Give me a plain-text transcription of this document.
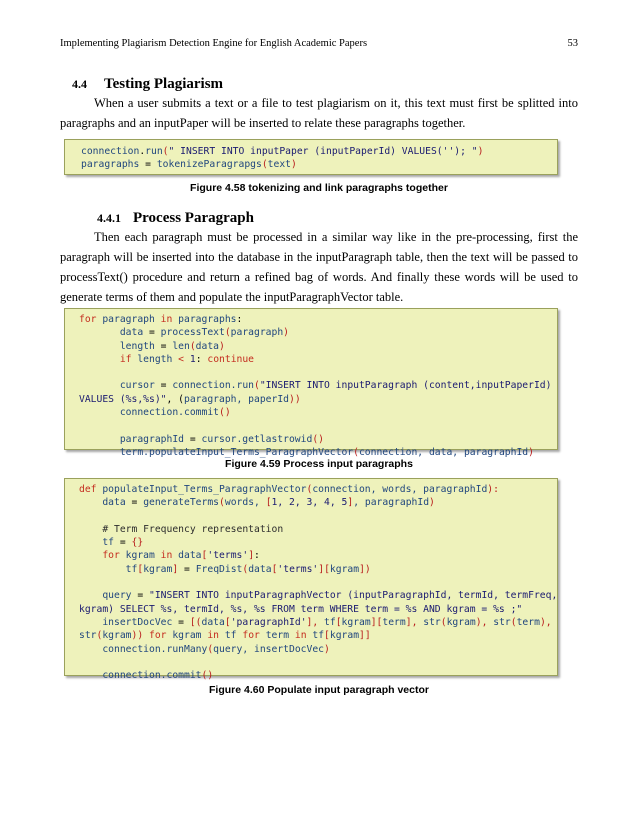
Implementing Plagiarism Detection Engine for English Academic Papers	53
4.4 Testing Plagiarism
When a user submits a text or a file to test plagiarism on it, this text must first be splitted into
paragraphs and an inputPaper will be inserted to relate these paragraphs together.
connection.run(" INSERT INTO inputPaper (inputPaperId) VALUES(''); ")
paragraphs = tokenizeParagrapgs(text)
Figure 4.58 tokenizing and link paragraphs together
4.4.1 Process Paragraph
Then each paragraph must be processed in a similar way like in the pre-processing, first the
paragraph will be inserted into the database in the inputParagraph table, then the text will be passed to
processText() procedure and return a refined bag of words. And finally these words will be used to
generate terms of them and populate the inputParagraphVector table.
for paragraph in paragraphs:
data = processText(paragraph)
length = len(data)
if length < 1: continue
cursor = connection.run("INSERT INTO inputParagraph (content,inputPaperId)
VALUES (%s,%s)", (paragraph, paperId))
connection.commit()
paragraphId = cursor.getlastrowid()
term.populateInput_Terms_ParagraphVector(connection, data, paragraphId)
Figure 4.59 Process input paragraphs
def populateInput_Terms_ParagraphVector(connection, words, paragraphId):
data = generateTerms(words, [1, 2, 3, 4, 5], paragraphId)
# Term Frequency representation
tf = {}
for kgram in data['terms']:
tf[kgram] = FreqDist(data['terms'][kgram])
query = "INSERT INTO inputParagraphVector (inputParagraphId, termId, termFreq,
kgram) SELECT %s, termId, %s, %s FROM term WHERE term = %s AND kgram = %s ;"
insertDocVec = [(data['paragraphId'], tf[kgram][term], str(kgram), str(term),
str(kgram)) for kgram in tf for term in tf[kgram]]
connection.runMany(query, insertDocVec)
connection.commit()
Figure 4.60 Populate input paragraph vector
